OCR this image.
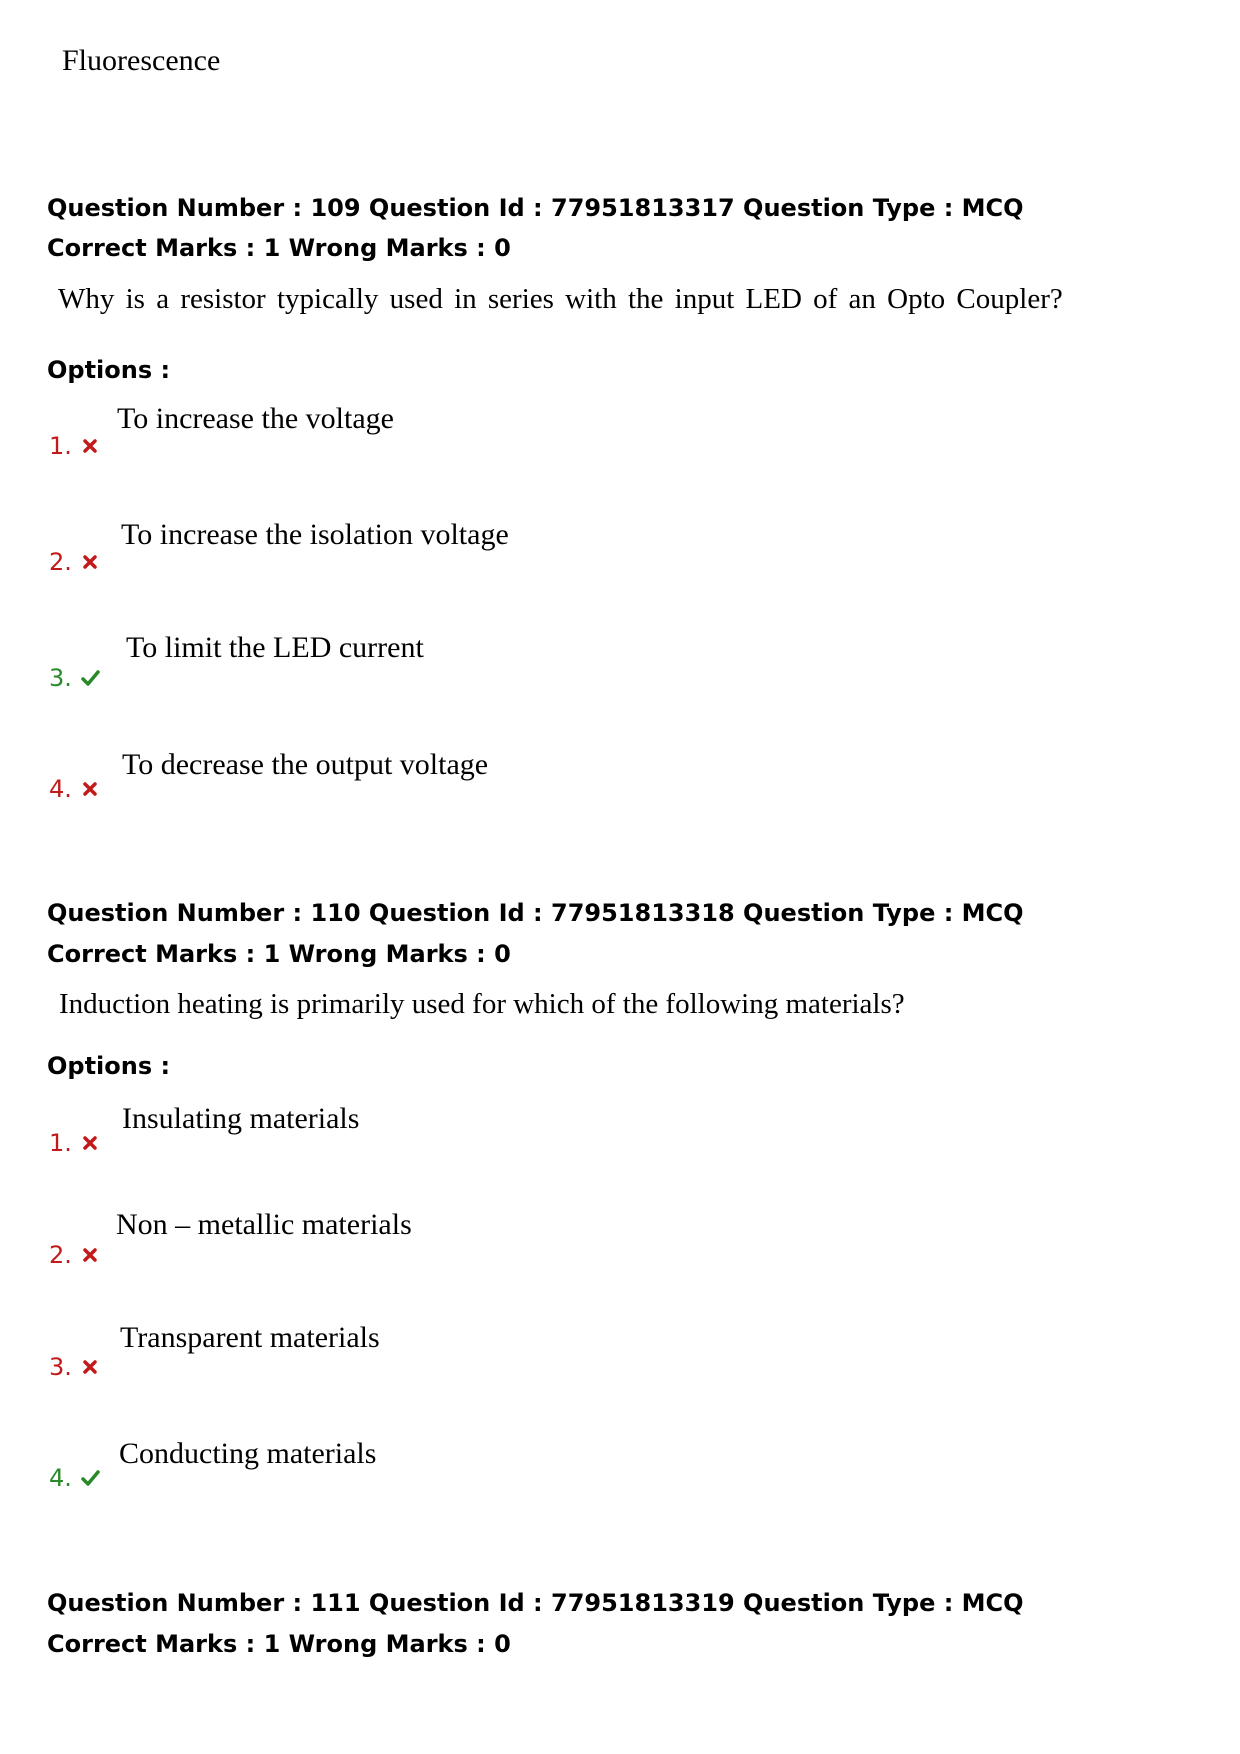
Fluorescence
Question Number : 109 Question Id : 77951813317 Question Type : MCQ
Correct Marks : 1 Wrong Marks : 0
Why is a resistor typically used in series with the input LED of an Opto Coupler?
Options :
To increase the voltage
1.
To increase the isolation voltage
2.
To limit the LED current
3.
To decrease the output voltage
4.
Question Number : 110 Question Id : 77951813318 Question Type : MCQ
Correct Marks : 1 Wrong Marks : 0
Induction heating is primarily used for which of the following materials?
Options :
Insulating materials
1.
Non – metallic materials
2.
Transparent materials
3.
Conducting materials
4.
Question Number : 111 Question Id : 77951813319 Question Type : MCQ
Correct Marks : 1 Wrong Marks : 0
